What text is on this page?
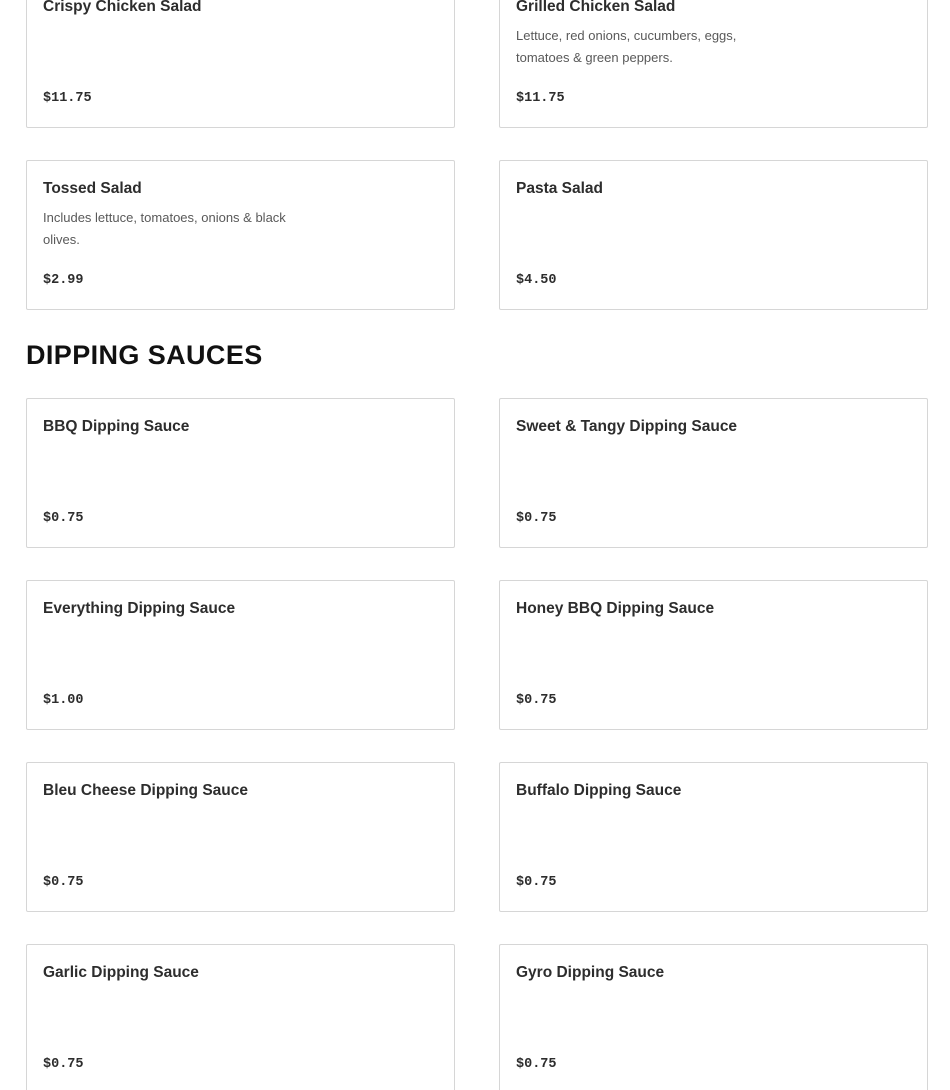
Crispy Chicken Salad
$11.75
Grilled Chicken Salad
Lettuce, red onions, cucumbers, eggs, tomatoes & green peppers.
$11.75
Tossed Salad
Includes lettuce, tomatoes, onions & black olives.
$2.99
Pasta Salad
$4.50
DIPPING SAUCES
BBQ Dipping Sauce
$0.75
Sweet & Tangy Dipping Sauce
$0.75
Everything Dipping Sauce
$1.00
Honey BBQ Dipping Sauce
$0.75
Bleu Cheese Dipping Sauce
$0.75
Buffalo Dipping Sauce
$0.75
Garlic Dipping Sauce
$0.75
Gyro Dipping Sauce
$0.75
